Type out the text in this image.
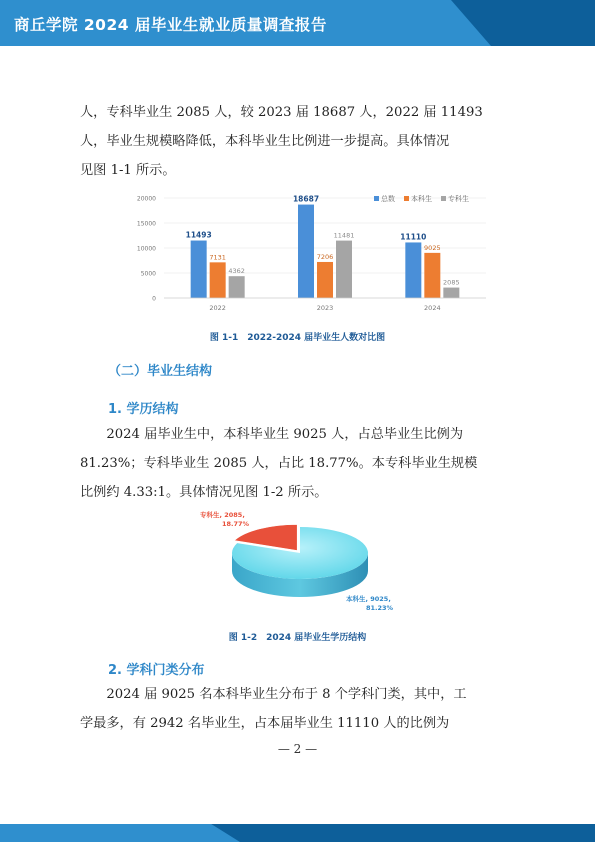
商丘学院 2024 届毕业生就业质量调查报告
人，专科毕业生 2085 人，较 2023 届 18687 人，2022 届 11493
人，毕业生规模略降低，本科毕业生比例进一步提高。具体情况
见图 1-1 所示。
0
5000
10000
15000
20000
11493
7131
4362
2022
18687
7206
11481
2023
11110
9025
2085
2024
总数 本科生 专科生
图 1-1　2022-2024 届毕业生人数对比图
（二）毕业生结构
1. 学历结构
　　2024 届毕业生中，本科毕业生 9025 人，占总毕业生比例为
81.23%；专科毕业生 2085 人，占比 18.77%。本专科毕业生规模
比例约 4.33:1。具体情况见图 1-2 所示。
专科生, 2085,
18.77%
本科生, 9025,
81.23%
图 1-2　2024 届毕业生学历结构
2. 学科门类分布
　　2024 届 9025 名本科毕业生分布于 8 个学科门类，其中，工
学最多，有 2942 名毕业生，占本届毕业生 11110 人的比例为
— 2 —
